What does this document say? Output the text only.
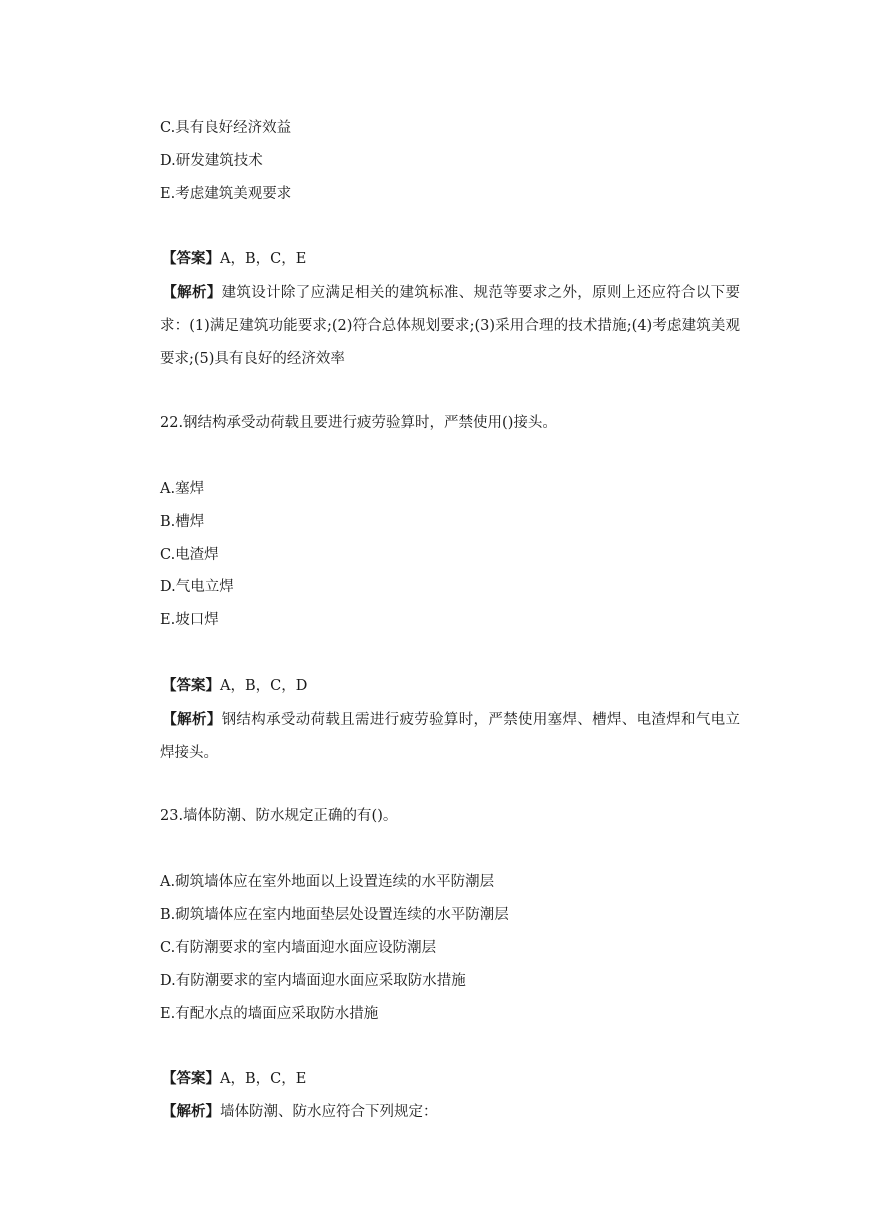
C.具有良好经济效益
D.研发建筑技术
E.考虑建筑美观要求
【答案】A，B，C，E
【解析】建筑设计除了应满足相关的建筑标准、规范等要求之外，原则上还应符合以下要求：(1)满足建筑功能要求;(2)符合总体规划要求;(3)采用合理的技术措施;(4)考虑建筑美观要求;(5)具有良好的经济效率
22.钢结构承受动荷载且要进行疲劳验算时，严禁使用()接头。
A.塞焊
B.槽焊
C.电渣焊
D.气电立焊
E.坡口焊
【答案】A，B，C，D
【解析】钢结构承受动荷载且需进行疲劳验算时，严禁使用塞焊、槽焊、电渣焊和气电立焊接头。
23.墙体防潮、防水规定正确的有()。
A.砌筑墙体应在室外地面以上设置连续的水平防潮层
B.砌筑墙体应在室内地面垫层处设置连续的水平防潮层
C.有防潮要求的室内墙面迎水面应设防潮层
D.有防潮要求的室内墙面迎水面应采取防水措施
E.有配水点的墙面应采取防水措施
【答案】A，B，C，E
【解析】墙体防潮、防水应符合下列规定：
